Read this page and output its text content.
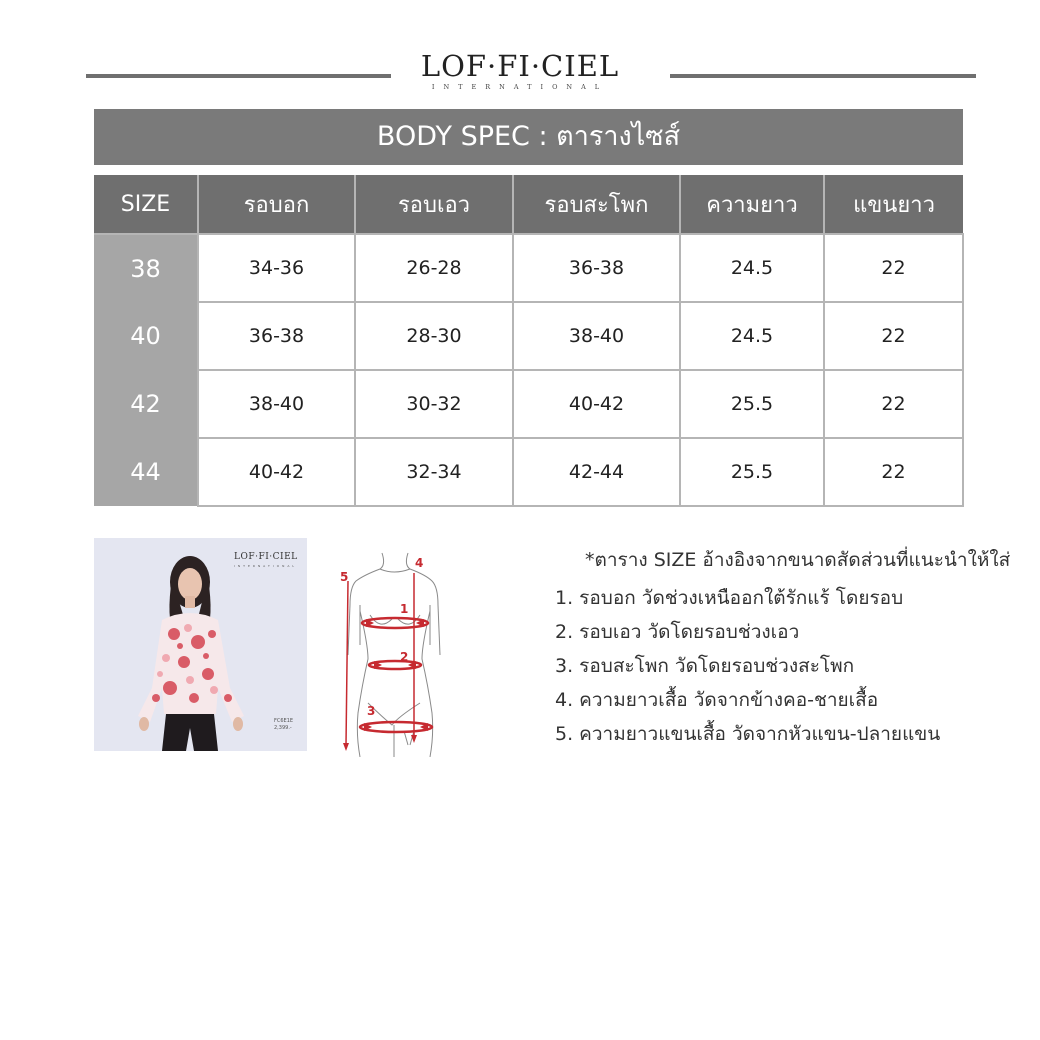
LOF·FI·CIEL
INTERNATIONAL
BODY SPEC : ตารางไซส์
SIZE	รอบอก	รอบเอว	รอบสะโพก	ความยาว	แขนยาว
38	34-36	26-28	36-38	24.5	22
40	36-38	28-30	38-40	24.5	22
42	38-40	30-32	40-42	25.5	22
44	40-42	32-34	42-44	25.5	22
LOF·FI·CIEL
INTERNATIONAL
FC6E1E
2,399.-
1
2
3
4
5
*ตาราง SIZE อ้างอิงจากขนาดสัดส่วนที่แนะนำให้ใส่
1. รอบอก วัดช่วงเหนืออกใต้รักแร้ โดยรอบ
2. รอบเอว วัดโดยรอบช่วงเอว
3. รอบสะโพก วัดโดยรอบช่วงสะโพก
4. ความยาวเสื้อ วัดจากข้างคอ-ชายเสื้อ
5. ความยาวแขนเสื้อ วัดจากหัวแขน-ปลายแขน
